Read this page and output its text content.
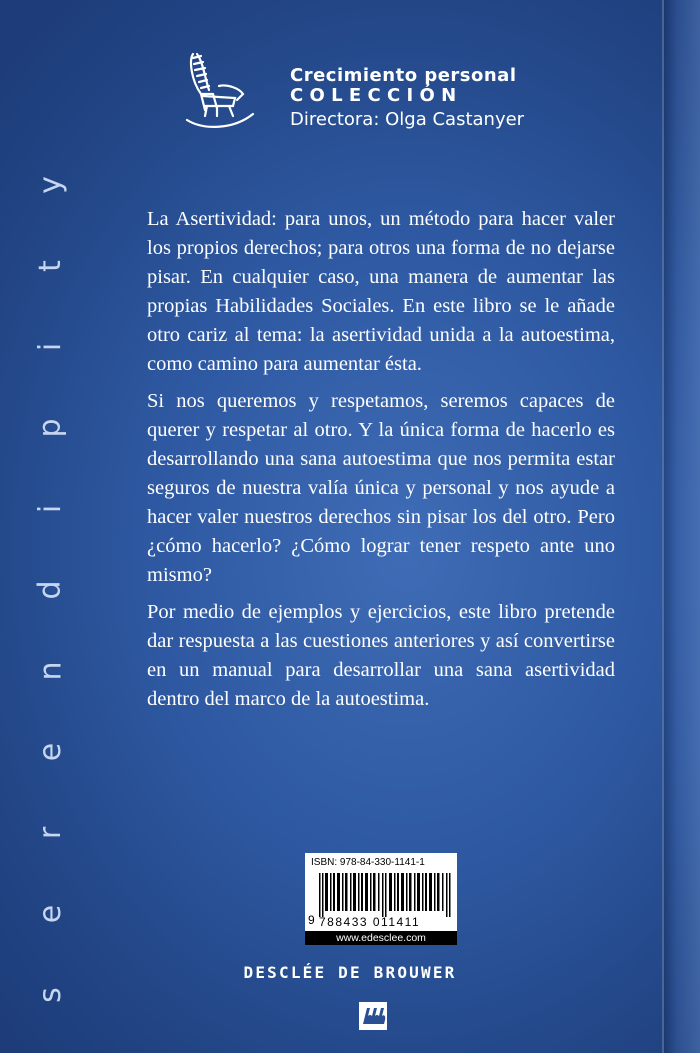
y
t
i
p
i
d
n
e
r
e
s
Crecimiento personal
COLECCIÓN
Directora: Olga Castanyer

La Asertividad: para unos, un método para hacer valer los propios derechos; para otros una forma de no dejarse pisar. En cualquier caso, una manera de aumentar las propias Habilidades Sociales. En este libro se le añade otro cariz al tema: la asertividad unida a la autoestima, como camino para aumentar ésta.

Si nos queremos y respetamos, seremos capaces de querer y respetar al otro. Y la única forma de hacerlo es desarrollando una sana autoestima que nos permita estar seguros de nuestra valía única y personal y nos ayude a hacer valer nuestros derechos sin pisar los del otro. Pero ¿cómo hacerlo? ¿Cómo lograr tener respeto ante uno mismo?

Por medio de ejemplos y ejercicios, este libro pretende dar respuesta a las cuestiones anteriores y así convertirse en un manual para desarrollar una sana asertividad dentro del marco de la autoestima.

ISBN: 978-84-330-1141-1
9 788433 011411
www.edesclee.com
DESCLÉE DE BROUWER
